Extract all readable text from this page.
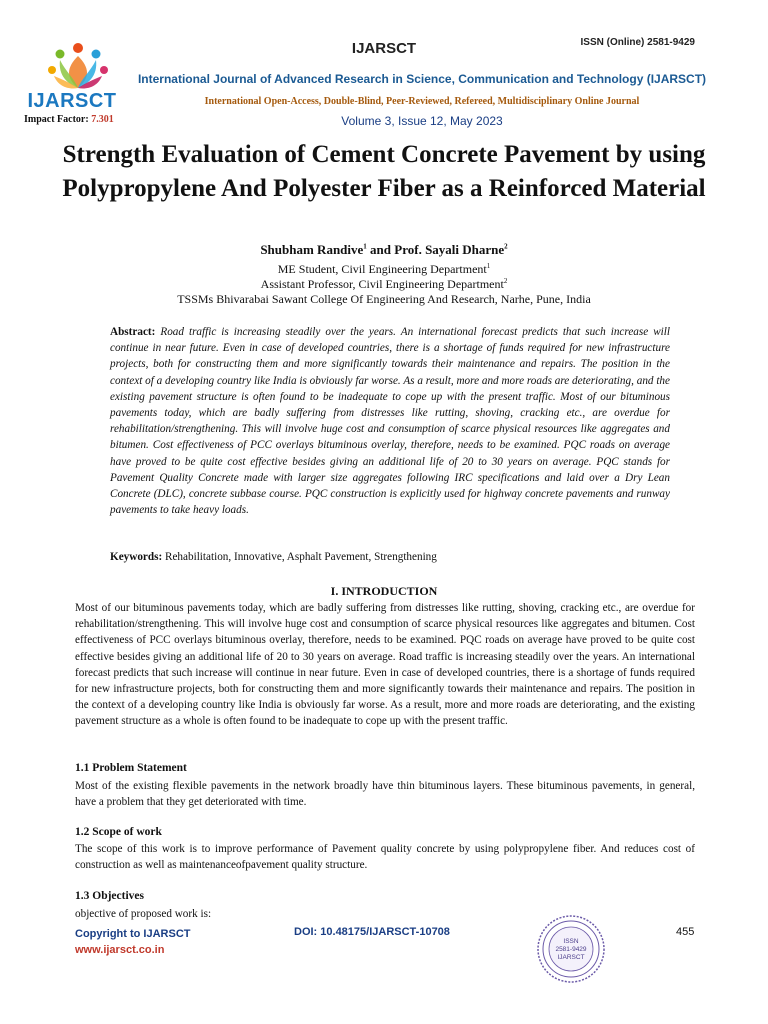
IJARSCT
Impact Factor: 7.301
IJARSCT	ISSN (Online) 2581-9429
International Journal of Advanced Research in Science, Communication and Technology (IJARSCT)
International Open-Access, Double-Blind, Peer-Reviewed, Refereed, Multidisciplinary Online Journal
Volume 3, Issue 12, May 2023
Strength Evaluation of Cement Concrete Pavement by using Polypropylene And Polyester Fiber as a Reinforced Material
Shubham Randive$^1$ and Prof. Sayali Dharne$^2$
ME Student, Civil Engineering Department$^1$
Assistant Professor, Civil Engineering Department$^2$
TSSMs Bhivarabai Sawant College Of Engineering And Research, Narhe, Pune, India
Abstract: Road traffic is increasing steadily over the years. An international forecast predicts that such increase will continue in near future. Even in case of developed countries, there is a shortage of funds required for new infrastructure projects, both for constructing them and more significantly towards their maintenance and repairs. The position in the context of a developing country like India is obviously far worse. As a result, more and more roads are deteriorating, and the existing pavement structure is often found to be inadequate to cope up with the present traffic. Most of our bituminous pavements today, which are badly suffering from distresses like rutting, shoving, cracking etc., are overdue for rehabilitation/strengthening. This will involve huge cost and consumption of scarce physical resources like aggregates and bitumen. Cost effectiveness of PCC overlays bituminous overlay, therefore, needs to be examined. PQC roads on average have proved to be quite cost effective besides giving an additional life of 20 to 30 years on average. PQC stands for Pavement Quality Concrete made with larger size aggregates following IRC specifications and laid over a Dry Lean Concrete (DLC), concrete subbase course. PQC construction is explicitly used for highway concrete pavements and runway pavements to take heavy loads.
Keywords: Rehabilitation, Innovative, Asphalt Pavement, Strengthening
I. INTRODUCTION
Most of our bituminous pavements today, which are badly suffering from distresses like rutting, shoving, cracking etc., are overdue for rehabilitation/strengthening. This will involve huge cost and consumption of scarce physical resources like aggregates and bitumen. Cost effectiveness of PCC overlays bituminous overlay, therefore, needs to be examined. PQC roads on average have proved to be quite cost effective besides giving an additional life of 20 to 30 years on average. Road traffic is increasing steadily over the years. An international forecast predicts that such increase will continue in near future. Even in case of developed countries, there is a shortage of funds required for new infrastructure projects, both for constructing them and more significantly towards their maintenance and repairs. The position in the context of a developing country like India is obviously far worse. As a result, more and more roads are deteriorating, and the existing pavement structure as a whole is often found to be inadequate to cope up with the present traffic.
1.1 Problem Statement
Most of the existing flexible pavements in the network broadly have thin bituminous layers. These bituminous pavements, in general, have a problem that they get deteriorated with time.
1.2 Scope of work
The scope of this work is to improve performance of Pavement quality concrete by using polypropylene fiber. And reduces cost of construction as well as maintenanceofpavement quality structure.
1.3 Objectives
objective of proposed work is:
Copyright to IJARSCT
www.ijarsct.co.in
DOI: 10.48175/IJARSCT-10708	455
ISSN
2581-9429
IJARSCT
